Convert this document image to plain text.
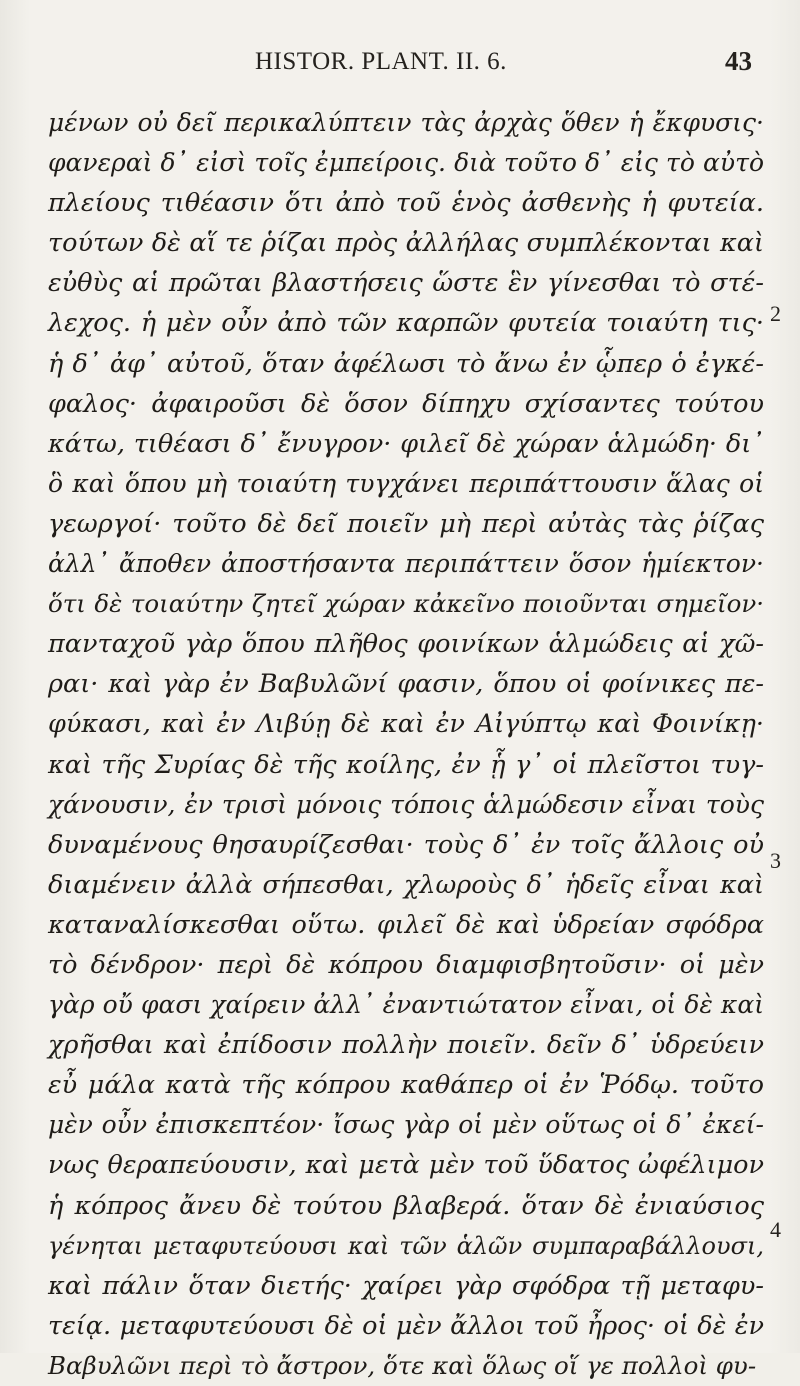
HISTOR. PLANT. II. 6.	43
μένων οὐ δεῖ περικαλύπτειν τὰς ἀρχὰς ὅθεν ἡ ἔκφυσις·
φανεραὶ δ᾽ εἰσὶ τοῖς ἐμπείροις. διὰ τοῦτο δ᾽ εἰς τὸ αὐτὸ
πλείους τιθέασιν ὅτι ἀπὸ τοῦ ἑνὸς ἀσθενὴς ἡ φυτεία.
τούτων δὲ αἵ τε ῥίζαι πρὸς ἀλλήλας συμπλέκονται καὶ
εὐθὺς αἱ πρῶται βλαστήσεις ὥστε ἓν γίνεσθαι τὸ στέ-
λεχος. ἡ μὲν οὖν ἀπὸ τῶν καρπῶν φυτεία τοιαύτη τις·
ἡ δ᾽ ἀφ᾽ αὐτοῦ, ὅταν ἀφέλωσι τὸ ἄνω ἐν ᾧπερ ὁ ἐγκέ-
φαλος· ἀφαιροῦσι δὲ ὅσον δίπηχυ σχίσαντες τούτου
κάτω, τιθέασι δ᾽ ἔνυγρον· φιλεῖ δὲ χώραν ἁλμώδη· δι᾽
ὃ καὶ ὅπου μὴ τοιαύτη τυγχάνει περιπάττουσιν ἅλας οἱ
γεωργοί· τοῦτο δὲ δεῖ ποιεῖν μὴ περὶ αὐτὰς τὰς ῥίζας
ἀλλ᾽ ἄποθεν ἀποστήσαντα περιπάττειν ὅσον ἡμίεκτον·
ὅτι δὲ τοιαύτην ζητεῖ χώραν κἀκεῖνο ποιοῦνται σημεῖον·
πανταχοῦ γὰρ ὅπου πλῆθος φοινίκων ἁλμώδεις αἱ χῶ-
ραι· καὶ γὰρ ἐν Βαβυλῶνί φασιν, ὅπου οἱ φοίνικες πε-
φύκασι, καὶ ἐν Λιβύῃ δὲ καὶ ἐν Αἰγύπτῳ καὶ Φοινίκῃ·
καὶ τῆς Συρίας δὲ τῆς κοίλης, ἐν ᾗ γ᾽ οἱ πλεῖστοι τυγ-
χάνουσιν, ἐν τρισὶ μόνοις τόποις ἁλμώδεσιν εἶναι τοὺς
δυναμένους θησαυρίζεσθαι· τοὺς δ᾽ ἐν τοῖς ἄλλοις οὐ
διαμένειν ἀλλὰ σήπεσθαι, χλωροὺς δ᾽ ἡδεῖς εἶναι καὶ
καταναλίσκεσθαι οὕτω. φιλεῖ δὲ καὶ ὑδρείαν σφόδρα
τὸ δένδρον· περὶ δὲ κόπρου διαμφισβητοῦσιν· οἱ μὲν
γὰρ οὔ φασι χαίρειν ἀλλ᾽ ἐναντιώτατον εἶναι, οἱ δὲ καὶ
χρῆσθαι καὶ ἐπίδοσιν πολλὴν ποιεῖν. δεῖν δ᾽ ὑδρεύειν
εὖ μάλα κατὰ τῆς κόπρου καθάπερ οἱ ἐν Ῥόδῳ. τοῦτο
μὲν οὖν ἐπισκεπτέον· ἴσως γὰρ οἱ μὲν οὕτως οἱ δ᾽ ἐκεί-
νως θεραπεύουσιν, καὶ μετὰ μὲν τοῦ ὕδατος ὠφέλιμον
ἡ κόπρος ἄνευ δὲ τούτου βλαβερά. ὅταν δὲ ἐνιαύσιος
γένηται μεταφυτεύουσι καὶ τῶν ἁλῶν συμπαραβάλλουσι,
καὶ πάλιν ὅταν διετής· χαίρει γὰρ σφόδρα τῇ μεταφυ-
τείᾳ. μεταφυτεύουσι δὲ οἱ μὲν ἄλλοι τοῦ ἦρος· οἱ δὲ ἐν
Βαβυλῶνι περὶ τὸ ἄστρον, ὅτε καὶ ὅλως οἵ γε πολλοὶ φυ-
2
3
4
